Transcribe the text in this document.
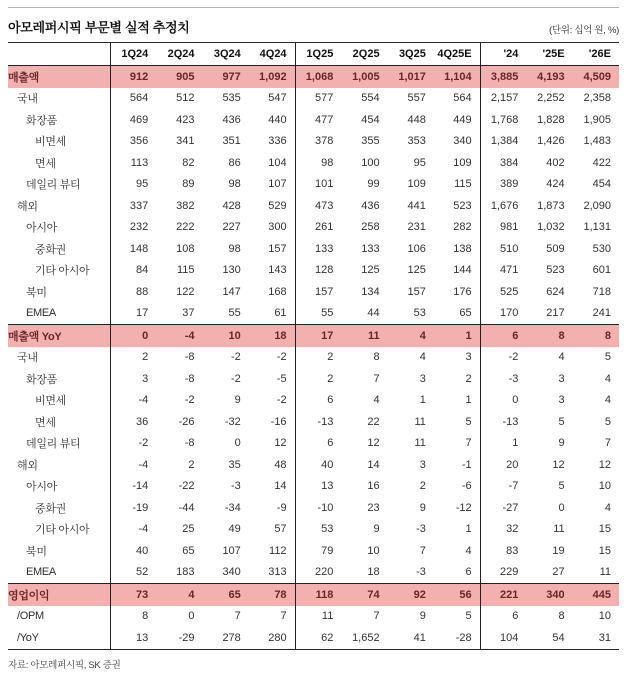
아모레퍼시픽 부문별 실적 추정치	(단위: 십억 원, %)
	1Q24	2Q24	3Q24	4Q24	1Q25	2Q25	3Q25	4Q25E	'24	'25E	'26E
매출액	912	905	977	1,092	1,068	1,005	1,017	1,104	3,885	4,193	4,509
국내	564	512	535	547	577	554	557	564	2,157	2,252	2,358
화장품	469	423	436	440	477	454	448	449	1,768	1,828	1,905
비면세	356	341	351	336	378	355	353	340	1,384	1,426	1,483
면세	113	82	86	104	98	100	95	109	384	402	422
데일리 뷰티	95	89	98	107	101	99	109	115	389	424	454
해외	337	382	428	529	473	436	441	523	1,676	1,873	2,090
아시아	232	222	227	300	261	258	231	282	981	1,032	1,131
중화권	148	108	98	157	133	133	106	138	510	509	530
기타 아시아	84	115	130	143	128	125	125	144	471	523	601
북미	88	122	147	168	157	134	157	176	525	624	718
EMEA	17	37	55	61	55	44	53	65	170	217	241
매출액 YoY	0	-4	10	18	17	11	4	1	6	8	8
국내	2	-8	-2	-2	2	8	4	3	-2	4	5
화장품	3	-8	-2	-5	2	7	3	2	-3	3	4
비면세	-4	-2	9	-2	6	4	1	1	0	3	4
면세	36	-26	-32	-16	-13	22	11	5	-13	5	5
데일리 뷰티	-2	-8	0	12	6	12	11	7	1	9	7
해외	-4	2	35	48	40	14	3	-1	20	12	12
아시아	-14	-22	-3	14	13	16	2	-6	-7	5	10
중화권	-19	-44	-34	-9	-10	23	9	-12	-27	0	4
기타 아시아	-4	25	49	57	53	9	-3	1	32	11	15
북미	40	65	107	112	79	10	7	4	83	19	15
EMEA	52	183	340	313	220	18	-3	6	229	27	11
영업이익	73	4	65	78	118	74	92	56	221	340	445
/OPM	8	0	7	7	11	7	9	5	6	8	10
/YoY	13	-29	278	280	62	1,652	41	-28	104	54	31
자료: 아모레퍼시픽, SK 증권
